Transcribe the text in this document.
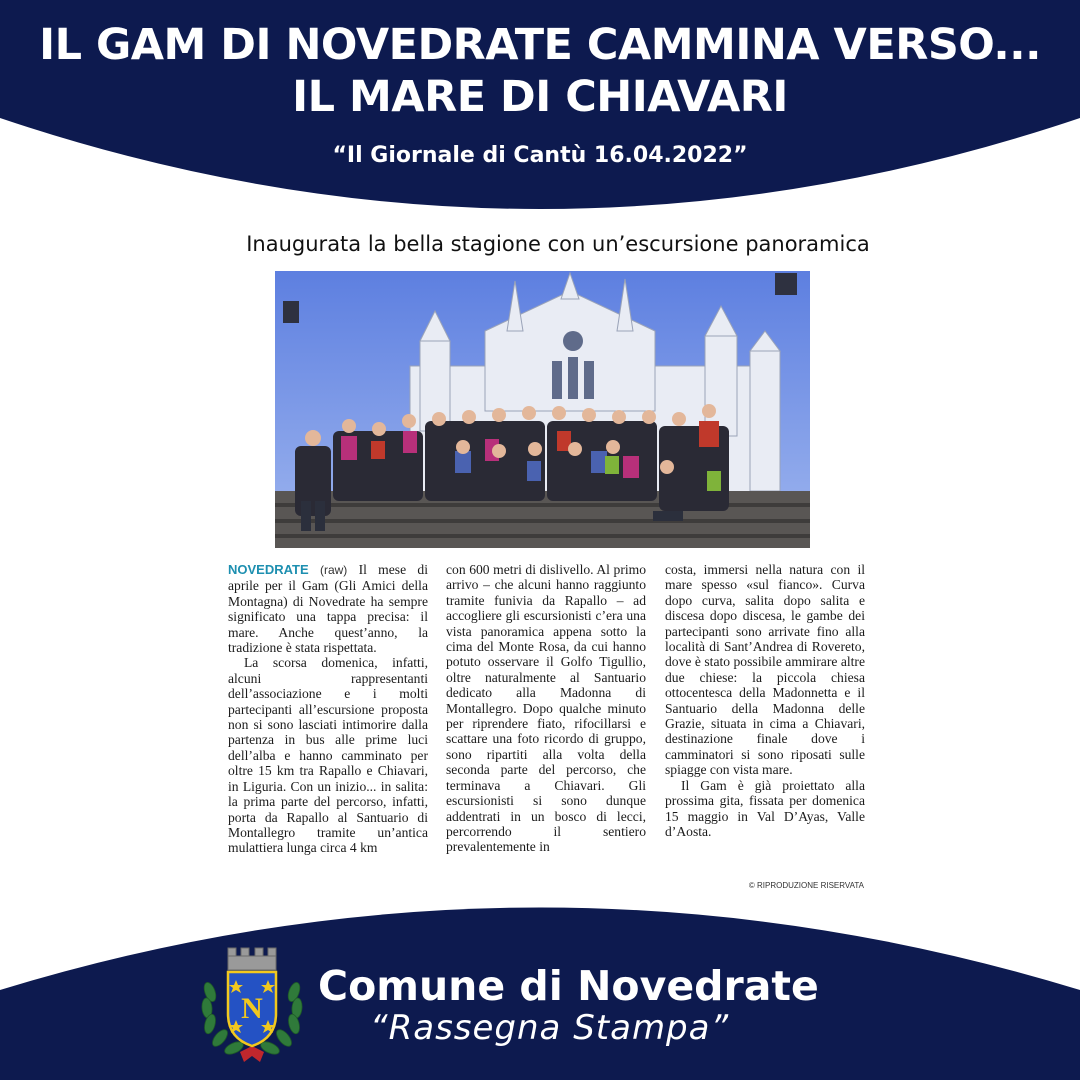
IL GAM DI NOVEDRATE CAMMINA VERSO...
IL MARE DI CHIAVARI

“Il Giornale di Cantù 16.04.2022”

Inaugurata la bella stagione con un’escursione panoramica

NOVEDRATE (raw) Il mese di aprile per il Gam (Gli Amici della Montagna) di Novedrate ha sempre significato una tappa precisa: il mare. Anche quest’anno, la tradizione è stata rispettata.

La scorsa domenica, infatti, alcuni rappresentanti dell’associazione e i molti partecipanti all’escursione proposta non si sono lasciati intimorire dalla partenza in bus alle prime luci dell’alba e hanno camminato per oltre 15 km tra Rapallo e Chiavari, in Liguria. Con un inizio... in salita: la prima parte del percorso, infatti, porta da Rapallo al Santuario di Montallegro tramite un’antica mulattiera lunga circa 4 km

con 600 metri di dislivello. Al primo arrivo – che alcuni hanno raggiunto tramite funivia da Rapallo – ad accogliere gli escursionisti c’era una vista panoramica appena sotto la cima del Monte Rosa, da cui hanno potuto osservare il Golfo Tigullio, oltre naturalmente al Santuario dedicato alla Madonna di Montallegro. Dopo qualche minuto per riprendere fiato, rifocillarsi e scattare una foto ricordo di gruppo, sono ripartiti alla volta della seconda parte del percorso, che terminava a Chiavari. Gli escursionisti si sono dunque addentrati in un bosco di lecci, percorrendo il sentiero prevalentemente in

costa, immersi nella natura con il mare spesso «sul fianco». Curva dopo curva, salita dopo salita e discesa dopo discesa, le gambe dei partecipanti sono arrivate fino alla località di Sant’Andrea di Rovereto, dove è stato possibile ammirare altre due chiese: la piccola chiesa ottocentesca della Madonnetta e il Santuario della Madonna delle Grazie, situata in cima a Chiavari, destinazione finale dove i camminatori si sono riposati sulle spiagge con vista mare.

Il Gam è già proiettato alla prossima gita, fissata per domenica 15 maggio in Val D’Ayas, Valle d’Aosta.

© RIPRODUZIONE RISERVATA
N Comune di Novedrate

“Rassegna Stampa”
